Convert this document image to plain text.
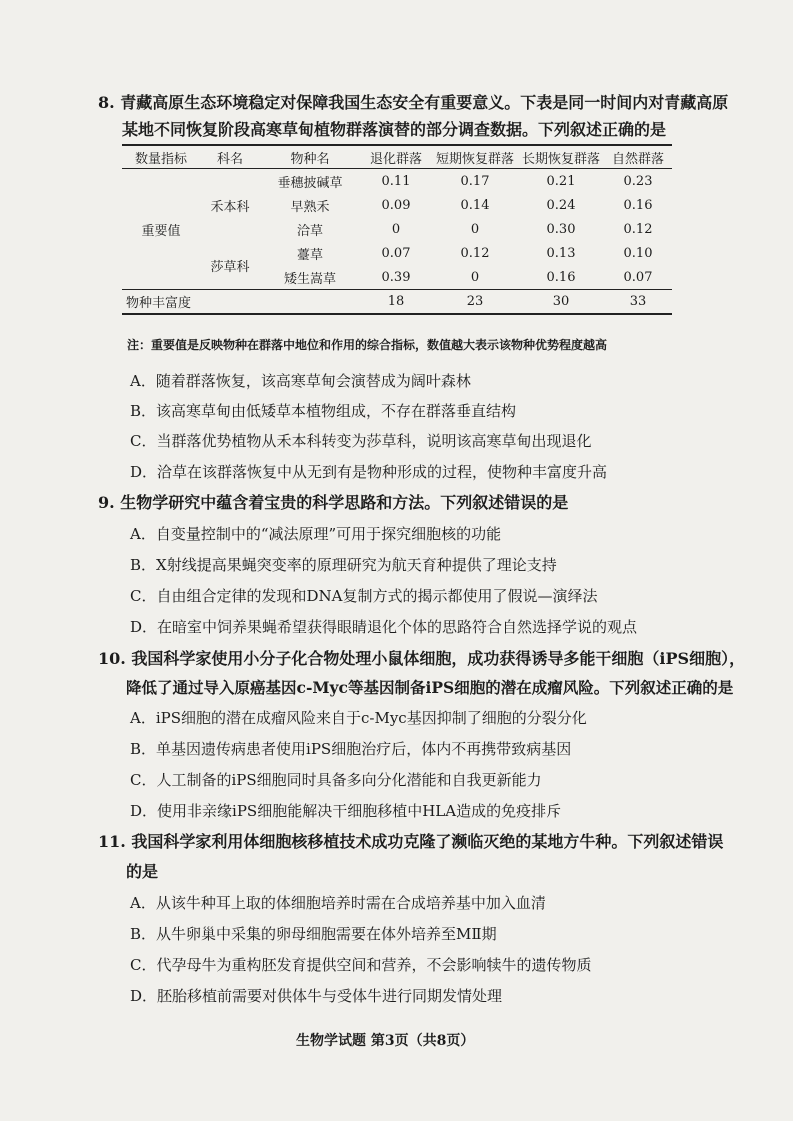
8. 青藏高原生态环境稳定对保障我国生态安全有重要意义。下表是同一时间内对青藏高原
某地不同恢复阶段高寒草甸植物群落演替的部分调查数据。下列叙述正确的是
数量指标	科名	物种名	退化群落	短期恢复群落	长期恢复群落	自然群落
重要值	禾本科	垂穗披碱草	0.11	0.17	0.21	0.23
		早熟禾	0.09	0.14	0.24	0.16
		洽草	0	0	0.30	0.12
	莎草科	薹草	0.07	0.12	0.13	0.10
		矮生嵩草	0.39	0	0.16	0.07
物种丰富度			18	23	30	33
注：重要值是反映物种在群落中地位和作用的综合指标，数值越大表示该物种优势程度越高
A．随着群落恢复，该高寒草甸会演替成为阔叶森林
B．该高寒草甸由低矮草本植物组成，不存在群落垂直结构
C．当群落优势植物从禾本科转变为莎草科，说明该高寒草甸出现退化
D．洽草在该群落恢复中从无到有是物种形成的过程，使物种丰富度升高
9. 生物学研究中蕴含着宝贵的科学思路和方法。下列叙述错误的是
A．自变量控制中的“减法原理”可用于探究细胞核的功能
B．X射线提高果蝇突变率的原理研究为航天育种提供了理论支持
C．自由组合定律的发现和DNA复制方式的揭示都使用了假说—演绎法
D．在暗室中饲养果蝇希望获得眼睛退化个体的思路符合自然选择学说的观点
10. 我国科学家使用小分子化合物处理小鼠体细胞，成功获得诱导多能干细胞（iPS细胞），
降低了通过导入原癌基因c-Myc等基因制备iPS细胞的潜在成瘤风险。下列叙述正确的是
A．iPS细胞的潜在成瘤风险来自于c-Myc基因抑制了细胞的分裂分化
B．单基因遗传病患者使用iPS细胞治疗后，体内不再携带致病基因
C．人工制备的iPS细胞同时具备多向分化潜能和自我更新能力
D．使用非亲缘iPS细胞能解决干细胞移植中HLA造成的免疫排斥
11. 我国科学家利用体细胞核移植技术成功克隆了濒临灭绝的某地方牛种。下列叙述错误
的是
A．从该牛种耳上取的体细胞培养时需在合成培养基中加入血清
B．从牛卵巢中采集的卵母细胞需要在体外培养至MⅡ期
C．代孕母牛为重构胚发育提供空间和营养，不会影响犊牛的遗传物质
D．胚胎移植前需要对供体牛与受体牛进行同期发情处理
生物学试题 第3页（共8页）
